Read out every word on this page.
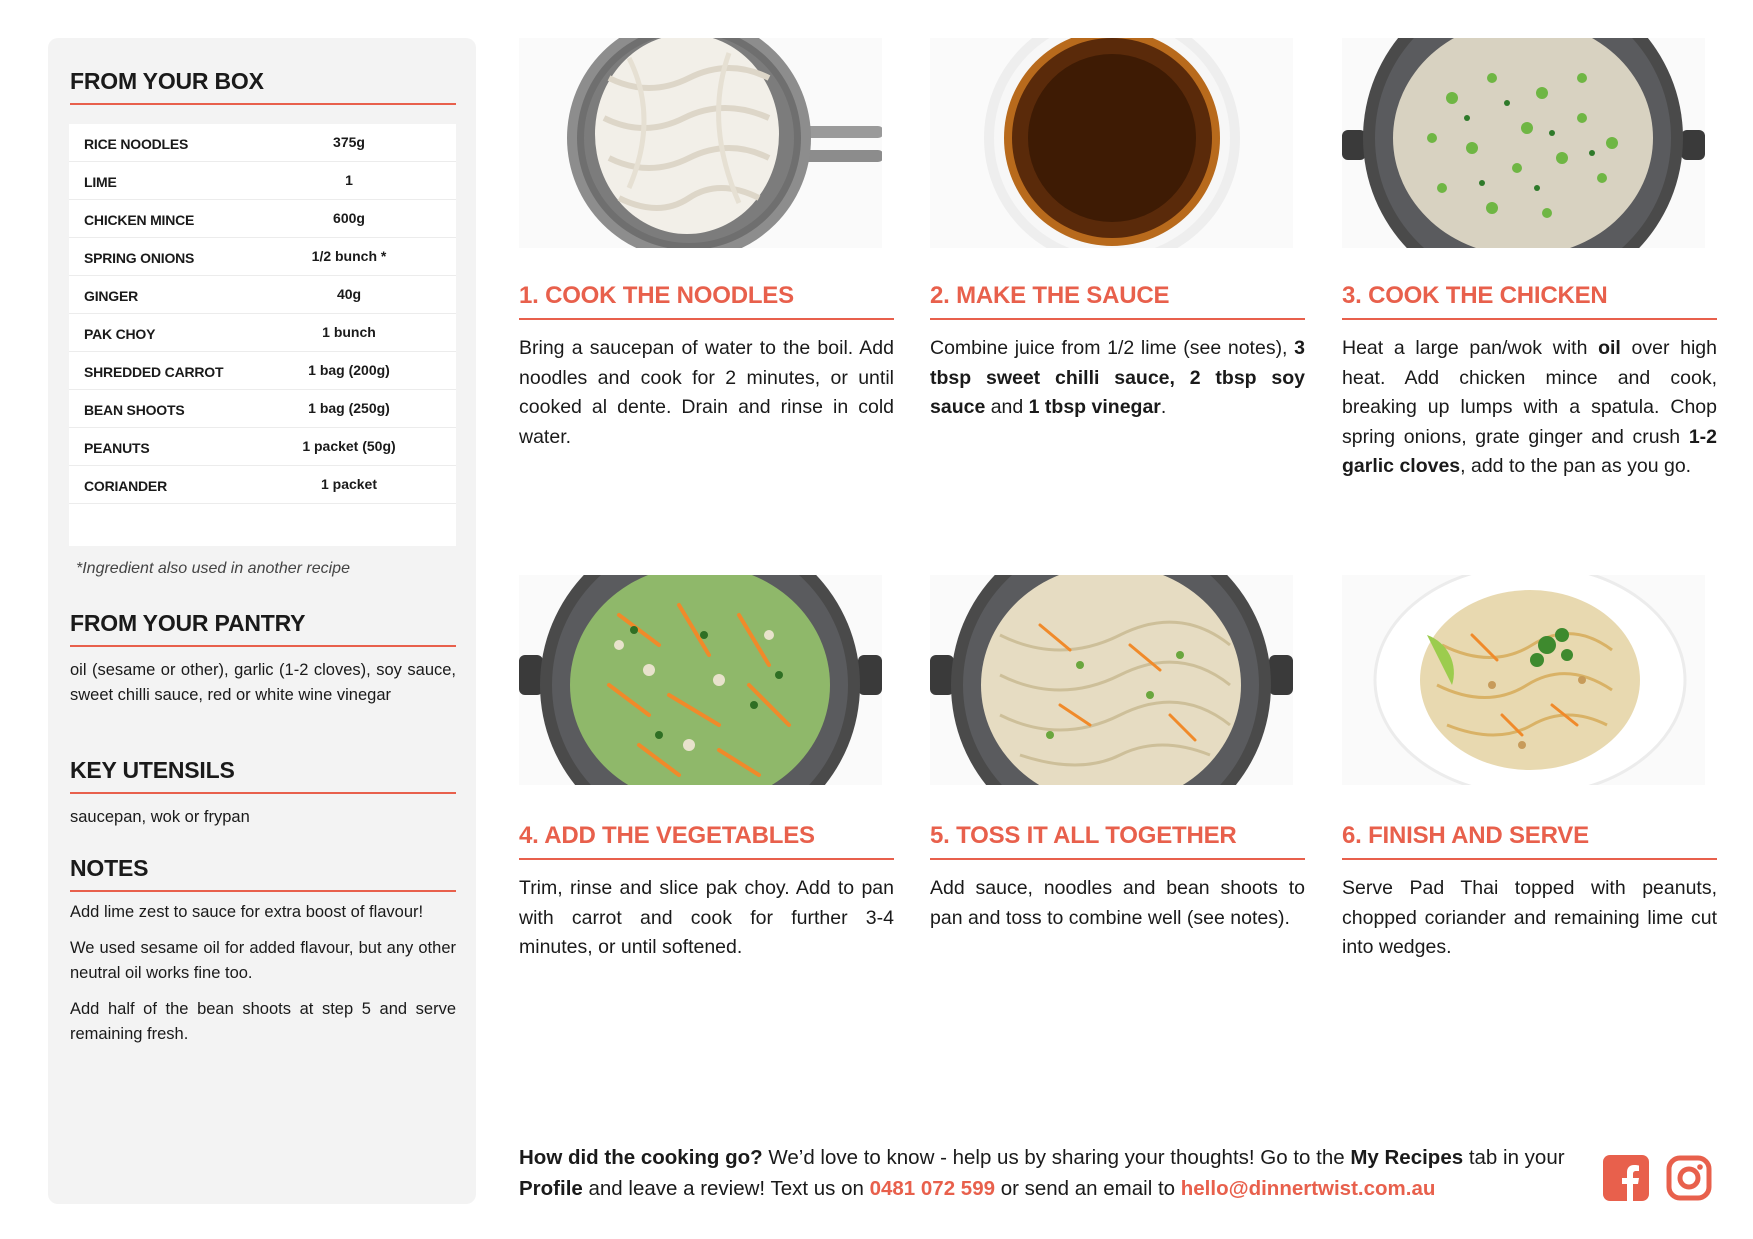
FROM YOUR BOX
RICE NOODLES	375g
LIME	1
CHICKEN MINCE	600g
SPRING ONIONS	1/2 bunch *
GINGER	40g
PAK CHOY	1 bunch
SHREDDED CARROT	1 bag (200g)
BEAN SHOOTS	1 bag (250g)
PEANUTS	1 packet (50g)
CORIANDER	1 packet
*Ingredient also used in another recipe
FROM YOUR PANTRY

oil (sesame or other), garlic (1-2 cloves), soy sauce, sweet chilli sauce, red or white wine vinegar

KEY UTENSILS

saucepan, wok or frypan

NOTES

Add lime zest to sauce for extra boost of flavour!

We used sesame oil for added flavour, but any other neutral oil works fine too.

Add half of the bean shoots at step 5 and serve remaining fresh.

1. COOK THE NOODLES	2. MAKE THE SAUCE	3. COOK THE CHICKEN
4. ADD THE VEGETABLES	5. TOSS IT ALL TOGETHER	6. FINISH AND SERVE

Bring a saucepan of water to the boil. Add noodles and cook for 2 minutes, or until cooked al dente. Drain and rinse in cold water.

Combine juice from 1/2 lime (see notes), 3 tbsp sweet chilli sauce, 2 tbsp soy sauce and 1 tbsp vinegar.

Heat a large pan/wok with oil over high heat. Add chicken mince and cook, breaking up lumps with a spatula. Chop spring onions, grate ginger and crush 1-2 garlic cloves, add to the pan as you go.

Trim, rinse and slice pak choy. Add to pan with carrot and cook for further 3-4 minutes, or until softened.

Add sauce, noodles and bean shoots to pan and toss to combine well (see notes).

Serve Pad Thai topped with peanuts, chopped coriander and remaining lime cut into wedges.

How did the cooking go? We’d love to know - help us by sharing your thoughts! Go to the My Recipes tab in your Profile and leave a review! Text us on 0481 072 599 or send an email to hello@dinnertwist.com.au
